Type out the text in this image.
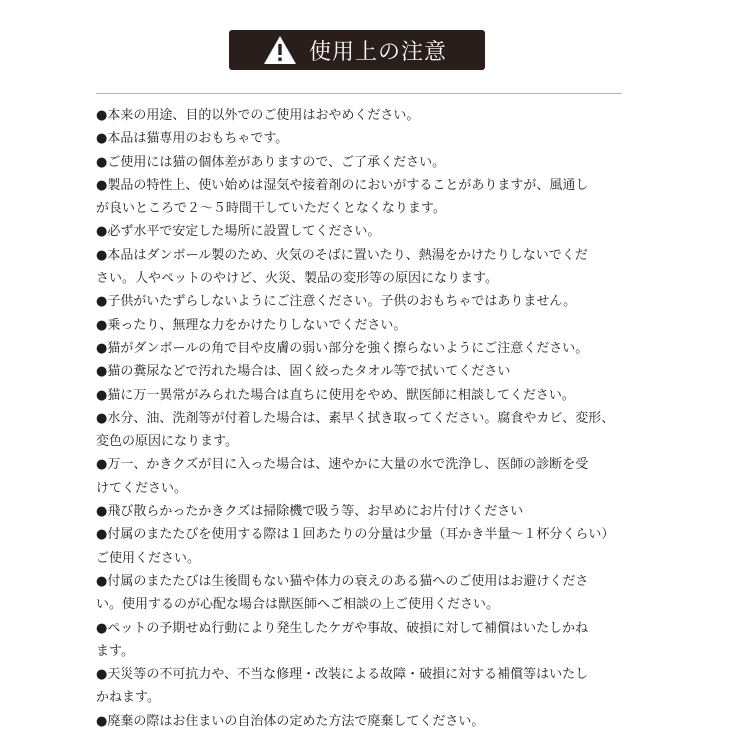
使用上の注意
●本来の用途、目的以外でのご使用はおやめください。
●本品は猫専用のおもちゃです。
●ご使用には猫の個体差がありますので、ご了承ください。
●製品の特性上、使い始めは湿気や接着剤のにおいがすることがありますが、風通し
が良いところで２～５時間干していただくとなくなります。
●必ず水平で安定した場所に設置してください。
●本品はダンボール製のため、火気のそばに置いたり、熱湯をかけたりしないでくだ
さい。人やペットのやけど、火災、製品の変形等の原因になります。
●子供がいたずらしないようにご注意ください。子供のおもちゃではありません。
●乗ったり、無理な力をかけたりしないでください。
●猫がダンボールの角で目や皮膚の弱い部分を強く擦らないようにご注意ください。
●猫の糞尿などで汚れた場合は、固く絞ったタオル等で拭いてください
●猫に万一異常がみられた場合は直ちに使用をやめ、獣医師に相談してください。
●水分、油、洗剤等が付着した場合は、素早く拭き取ってください。腐食やカビ、変形、
変色の原因になります。
●万一、かきクズが目に入った場合は、速やかに大量の水で洗浄し、医師の診断を受
けてください。
●飛び散らかったかきクズは掃除機で吸う等、お早めにお片付けください
●付属のまたたびを使用する際は１回あたりの分量は少量（耳かき半量～１杯分くらい）
ご使用ください。
●付属のまたたびは生後間もない猫や体力の衰えのある猫へのご使用はお避けくださ
い。使用するのが心配な場合は獣医師へご相談の上ご使用ください。
●ペットの予期せぬ行動により発生したケガや事故、破損に対して補償はいたしかね
ます。
●天災等の不可抗力や、不当な修理・改装による故障・破損に対する補償等はいたし
かねます。
●廃棄の際はお住まいの自治体の定めた方法で廃棄してください。
